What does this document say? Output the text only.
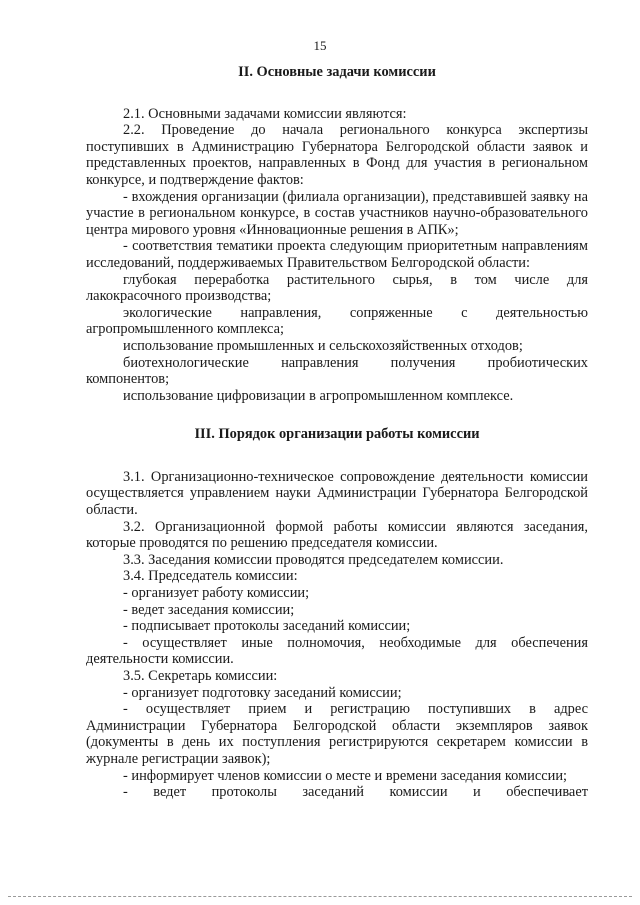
15

II. Основные задачи комиссии

2.1. Основными задачами комиссии являются:

2.2. Проведение до начала регионального конкурса экспертизы поступивших в Администрацию Губернатора Белгородской области заявок и представленных проектов, направленных в Фонд для участия в региональном конкурсе, и подтверждение фактов:

- вхождения организации (филиала организации), представившей заявку на участие в региональном конкурсе, в состав участников научно-образовательного центра мирового уровня «Инновационные решения в АПК»;

- соответствия тематики проекта следующим приоритетным направлениям исследований, поддерживаемых Правительством Белгородской области:

глубокая переработка растительного сырья, в том числе для лакокрасочного производства;

экологические направления, сопряженные с деятельностью агропромышленного комплекса;

использование промышленных и сельскохозяйственных отходов;

биотехнологические направления получения пробиотических компонентов;

использование цифровизации в агропромышленном комплексе.

III. Порядок организации работы комиссии

3.1. Организационно-техническое сопровождение деятельности комиссии осуществляется управлением науки Администрации Губернатора Белгородской области.

3.2. Организационной формой работы комиссии являются заседания, которые проводятся по решению председателя комиссии.

3.3. Заседания комиссии проводятся председателем комиссии.

3.4. Председатель комиссии:

- организует работу комиссии;

- ведет заседания комиссии;

- подписывает протоколы заседаний комиссии;

- осуществляет иные полномочия, необходимые для обеспечения деятельности комиссии.

3.5. Секретарь комиссии:

- организует подготовку заседаний комиссии;

- осуществляет прием и регистрацию поступивших в адрес Администрации Губернатора Белгородской области экземпляров заявок (документы в день их поступления регистрируются секретарем комиссии в журнале регистрации заявок);

- информирует членов комиссии о месте и времени заседания комиссии;

- ведет протоколы заседаний комиссии и обеспечивает
